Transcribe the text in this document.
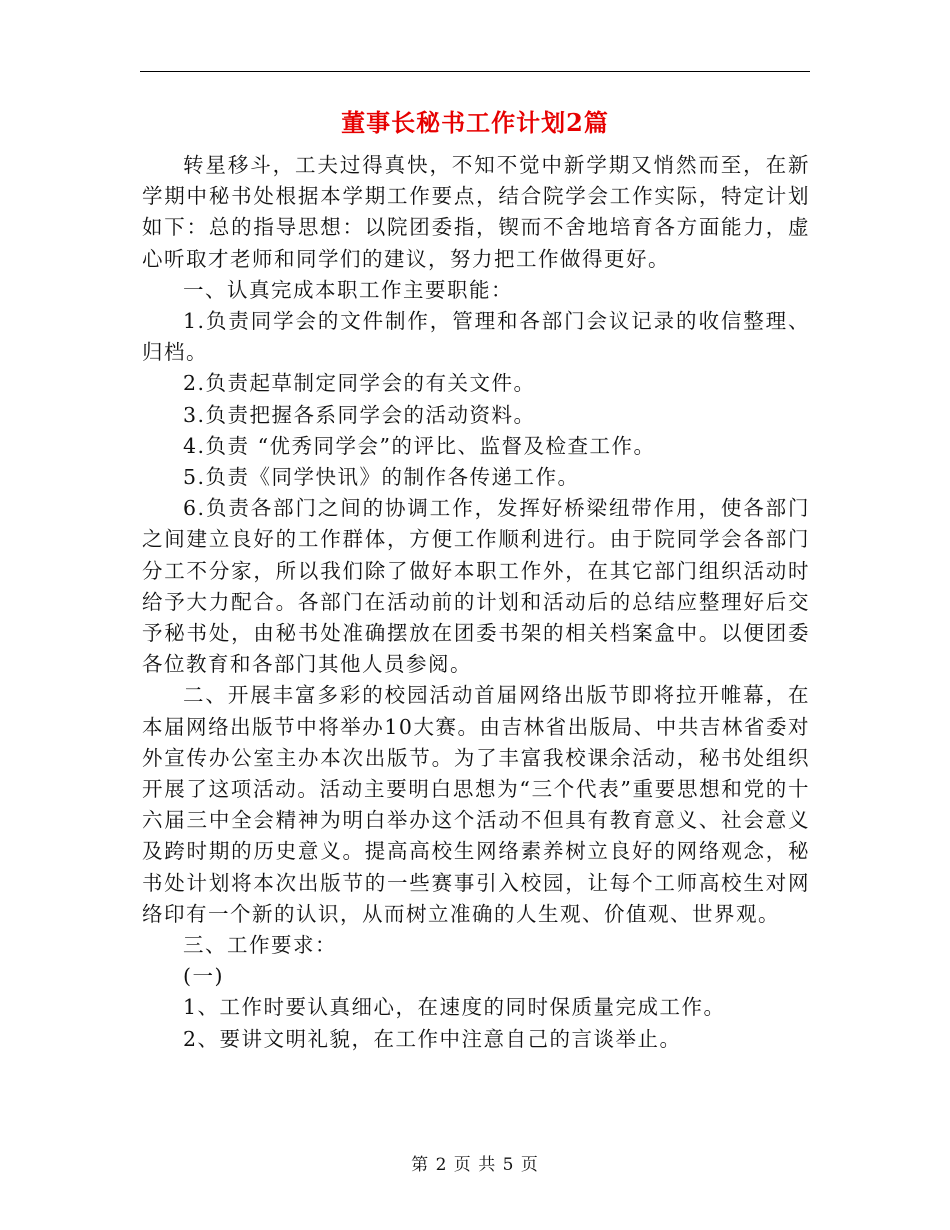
董事长秘书工作计划2篇

转星移斗，工夫过得真快，不知不觉中新学期又悄然而至，在新学期中秘书处根据本学期工作要点，结合院学会工作实际，特定计划如下：总的指导思想：以院团委指，锲而不舍地培育各方面能力，虚心听取才老师和同学们的建议，努力把工作做得更好。

一、认真完成本职工作主要职能：

1.负责同学会的文件制作，管理和各部门会议记录的收信整理、归档。

2.负责起草制定同学会的有关文件。

3.负责把握各系同学会的活动资料。

4.负责 “优秀同学会”的评比、监督及检查工作。

5.负责《同学快讯》的制作各传递工作。

6.负责各部门之间的协调工作，发挥好桥梁纽带作用，使各部门之间建立良好的工作群体，方便工作顺利进行。由于院同学会各部门分工不分家，所以我们除了做好本职工作外，在其它部门组织活动时给予大力配合。各部门在活动前的计划和活动后的总结应整理好后交予秘书处，由秘书处准确摆放在团委书架的相关档案盒中。以便团委各位教育和各部门其他人员参阅。

二、开展丰富多彩的校园活动首届网络出版节即将拉开帷幕，在本届网络出版节中将举办10大赛。由吉林省出版局、中共吉林省委对外宣传办公室主办本次出版节。为了丰富我校课余活动，秘书处组织开展了这项活动。活动主要明白思想为“三个代表”重要思想和党的十六届三中全会精神为明白举办这个活动不但具有教育意义、社会意义及跨时期的历史意义。提高高校生网络素养树立良好的网络观念，秘书处计划将本次出版节的一些赛事引入校园，让每个工师高校生对网络印有一个新的认识，从而树立准确的人生观、价值观、世界观。

三、工作要求：

(一)

1、工作时要认真细心，在速度的同时保质量完成工作。

2、要讲文明礼貌，在工作中注意自己的言谈举止。

第 2 页 共 5 页
